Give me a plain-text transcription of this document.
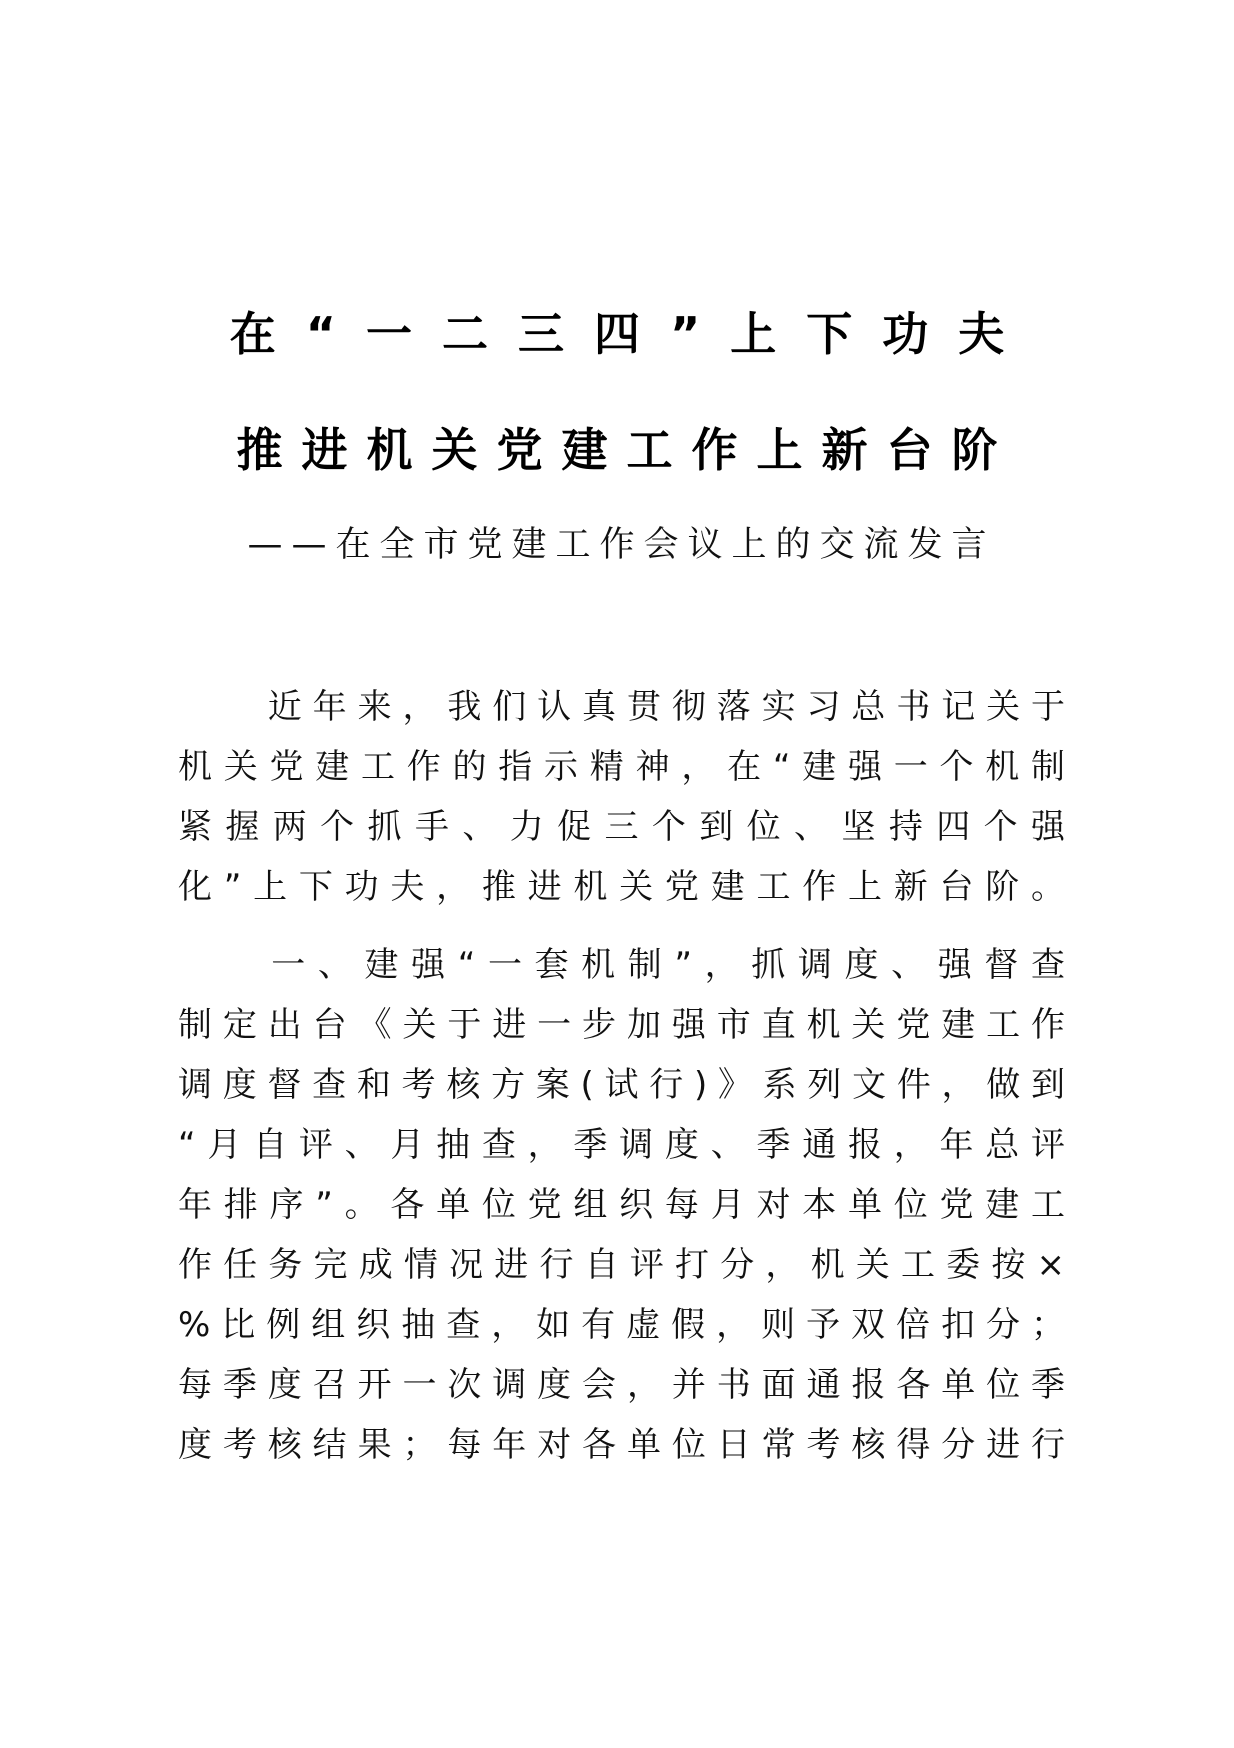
在“一二三四”上下功夫
推进机关党建工作上新台阶
——在全市党建工作会议上的交流发言
　　近年来，我们认真贯彻落实习总书记关于
机关党建工作的指示精神，在“建强一个机制
紧握两个抓手、力促三个到位、坚持四个强
化”上下功夫，推进机关党建工作上新台阶。
　　一、建强“一套机制”，抓调度、强督查
制定出台《关于进一步加强市直机关党建工作
调度督查和考核方案(试行)》系列文件，做到
“月自评、月抽查，季调度、季通报，年总评
年排序”。各单位党组织每月对本单位党建工
作任务完成情况进行自评打分，机关工委按×
%比例组织抽查，如有虚假，则予双倍扣分；
每季度召开一次调度会，并书面通报各单位季
度考核结果；每年对各单位日常考核得分进行
